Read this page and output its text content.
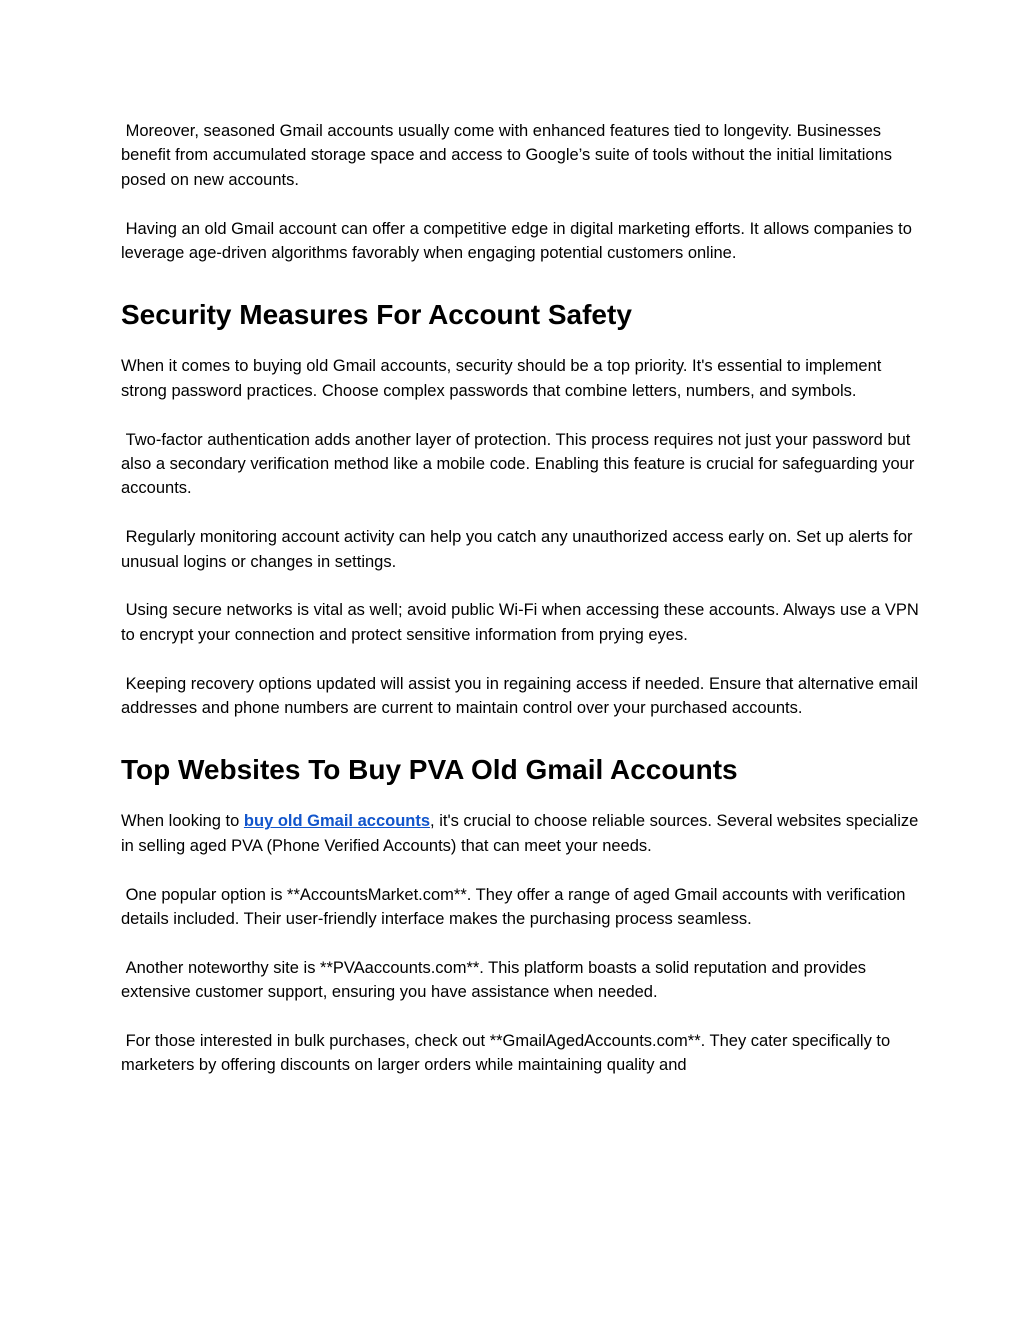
Moreover, seasoned Gmail accounts usually come with enhanced features tied to longevity. Businesses benefit from accumulated storage space and access to Google’s suite of tools without the initial limitations posed on new accounts.

Having an old Gmail account can offer a competitive edge in digital marketing efforts. It allows companies to leverage age-driven algorithms favorably when engaging potential customers online.

Security Measures For Account Safety

When it comes to buying old Gmail accounts, security should be a top priority. It's essential to implement strong password practices. Choose complex passwords that combine letters, numbers, and symbols.

Two-factor authentication adds another layer of protection. This process requires not just your password but also a secondary verification method like a mobile code. Enabling this feature is crucial for safeguarding your accounts.

Regularly monitoring account activity can help you catch any unauthorized access early on. Set up alerts for unusual logins or changes in settings.

Using secure networks is vital as well; avoid public Wi-Fi when accessing these accounts. Always use a VPN to encrypt your connection and protect sensitive information from prying eyes.

Keeping recovery options updated will assist you in regaining access if needed. Ensure that alternative email addresses and phone numbers are current to maintain control over your purchased accounts.

Top Websites To Buy PVA Old Gmail Accounts

When looking to buy old Gmail accounts, it's crucial to choose reliable sources. Several websites specialize in selling aged PVA (Phone Verified Accounts) that can meet your needs.

One popular option is **AccountsMarket.com**. They offer a range of aged Gmail accounts with verification details included. Their user-friendly interface makes the purchasing process seamless.

Another noteworthy site is **PVAaccounts.com**. This platform boasts a solid reputation and provides extensive customer support, ensuring you have assistance when needed.

For those interested in bulk purchases, check out **GmailAgedAccounts.com**. They cater specifically to marketers by offering discounts on larger orders while maintaining quality and
